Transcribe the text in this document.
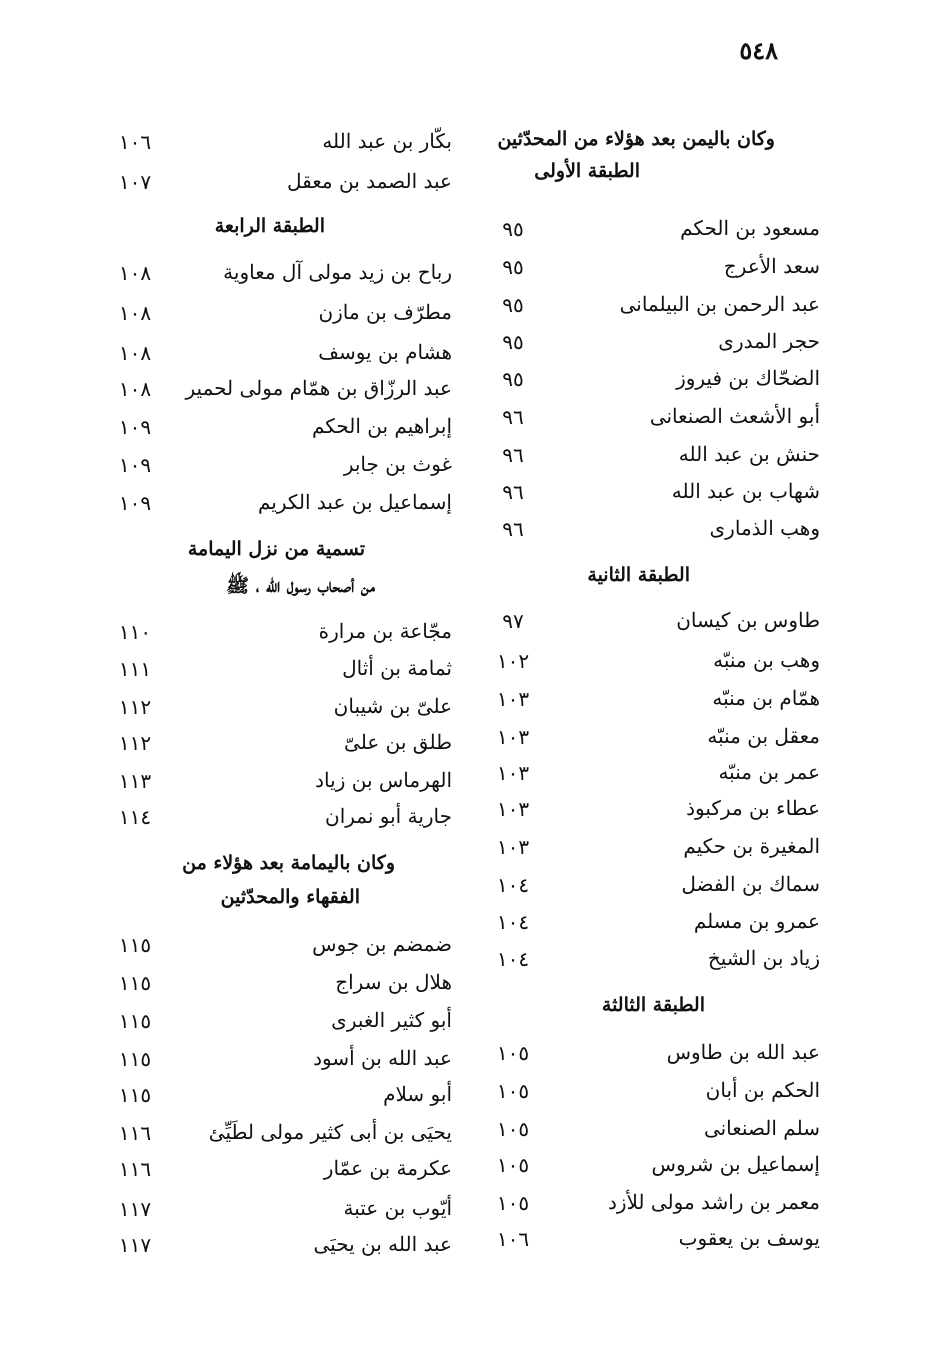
٥٤٨
وكان باليمن بعد هؤلاء من المحدّثين
الطبقة الأولى
مسعود بن الحكم
٩٥
سعد الأعرج
٩٥
عبد الرحمن بن البيلمانى
٩٥
حجر المدرى
٩٥
الضحّاك بن فيروز
٩٥
أبو الأشعث الصنعانى
٩٦
حنش بن عبد الله
٩٦
شهاب بن عبد الله
٩٦
وهب الذمارى
٩٦
الطبقة الثانية
طاوس بن كيسان
٩٧
وهب بن منبّه
١٠٢
همّام بن منبّه
١٠٣
معقل بن منبّه
١٠٣
عمر بن منبّه
١٠٣
عطاء بن مركبوذ
١٠٣
المغيرة بن حكيم
١٠٣
سماك بن الفضل
١٠٤
عمرو بن مسلم
١٠٤
زياد بن الشيخ
١٠٤
الطبقة الثالثة
عبد الله بن طاوس
١٠٥
الحكم بن أبان
١٠٥
سلم الصنعانى
١٠٥
إسماعيل بن شروس
١٠٥
معمر بن راشد مولى للأزد
١٠٥
يوسف بن يعقوب
١٠٦
بكّار بن عبد الله
١٠٦
عبد الصمد بن معقل
١٠٧
الطبقة الرابعة
رباح بن زيد مولى آل معاوية
١٠٨
مطرّف بن مازن
١٠٨
هشام بن يوسف
١٠٨
عبد الرزّاق بن همّام مولى لحمير
١٠٨
إبراهيم بن الحكم
١٠٩
غوث بن جابر
١٠٩
إسماعيل بن عبد الكريم
١٠٩
تسمية من نزل اليمامة
من أصحاب رسول الله ، ﷺ
مجّاعة بن مرارة
١١٠
ثمامة بن أثال
١١١
علىّ بن شيبان
١١٢
طلق بن علىّ
١١٢
الهرماس بن زياد
١١٣
جارية أبو نمران
١١٤
وكان باليمامة بعد هؤلاء من
الفقهاء والمحدّثين
ضمضم بن جوس
١١٥
هلال بن سراج
١١٥
أبو كثير الغبرى
١١٥
عبد الله بن أسود
١١٥
أبو سلام
١١٥
يحيَى بن أبى كثير مولى لطَيِّئ
١١٦
عكرمة بن عمّار
١١٦
أيّوب بن عتبة
١١٧
عبد الله بن يحيَى
١١٧
